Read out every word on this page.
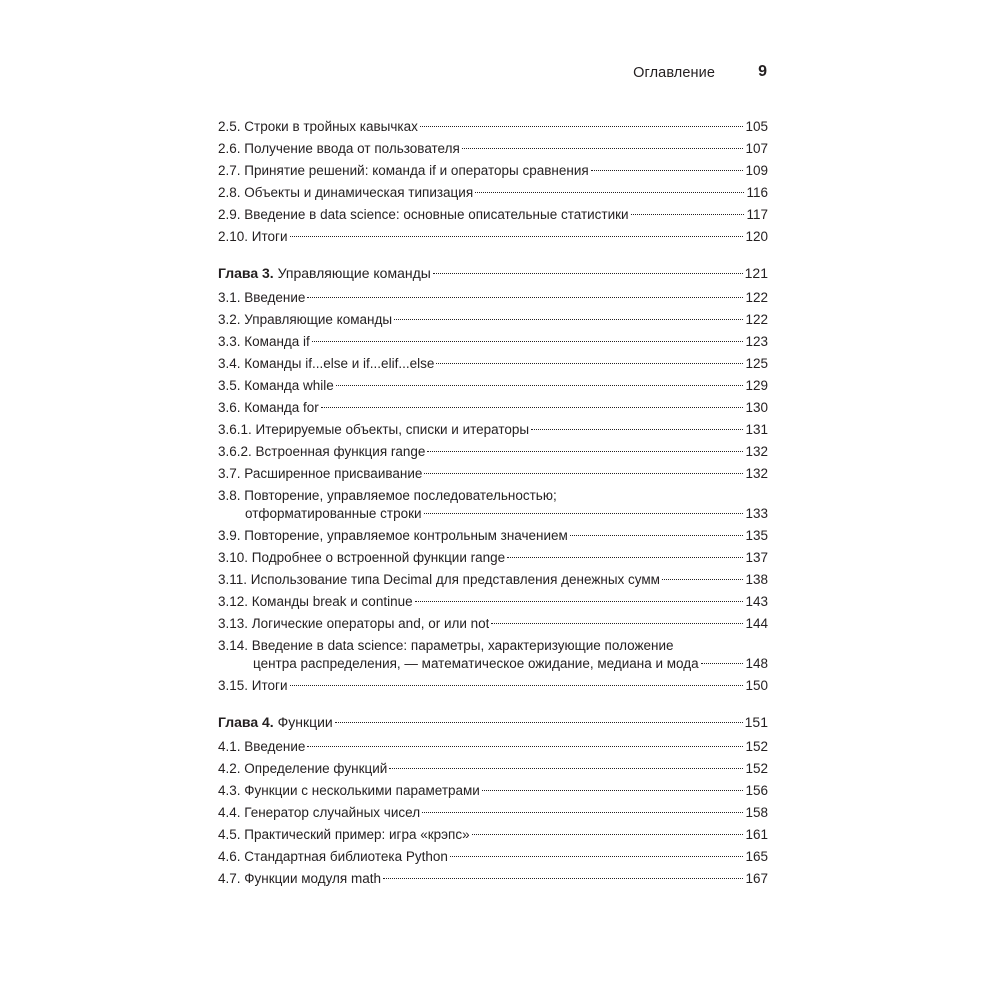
Оглавление	9
2.5. Строки в тройных кавычках	105
2.6. Получение ввода от пользователя	107
2.7. Принятие решений: команда if и операторы сравнения	109
2.8. Объекты и динамическая типизация	116
2.9. Введение в data science: основные описательные статистики	117
2.10. Итоги	120
Глава 3. Управляющие команды	121
3.1. Введение	122
3.2. Управляющие команды	122
3.3. Команда if	123
3.4. Команды if...else и if...elif...else	125
3.5. Команда while	129
3.6. Команда for	130
3.6.1. Итерируемые объекты, списки и итераторы	131
3.6.2. Встроенная функция range	132
3.7. Расширенное присваивание	132
3.8. Повторение, управляемое последовательностью;
отформатированные строки	133
3.9. Повторение, управляемое контрольным значением	135
3.10. Подробнее о встроенной функции range	137
3.11. Использование типа Decimal для представления денежных сумм	138
3.12. Команды break и continue	143
3.13. Логические операторы and, or или not	144
3.14. Введение в data science: параметры, характеризующие положение
центра распределения, — математическое ожидание, медиана и мода	148
3.15. Итоги	150
Глава 4. Функции	151
4.1. Введение	152
4.2. Определение функций	152
4.3. Функции с несколькими параметрами	156
4.4. Генератор случайных чисел	158
4.5. Практический пример: игра «крэпс»	161
4.6. Стандартная библиотека Python	165
4.7. Функции модуля math	167
